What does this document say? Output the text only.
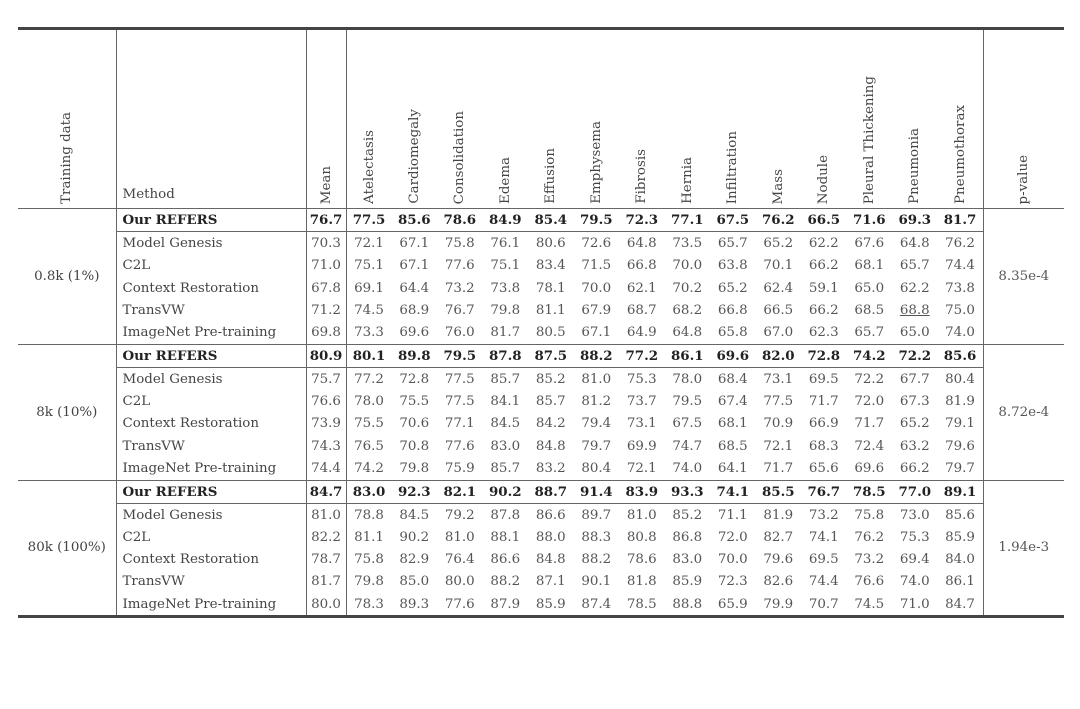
Training data	Method	Mean	Atelectasis	Cardiomegaly	Consolidation	Edema	Effusion	Emphysema	Fibrosis	Hernia	Infiltration	Mass	Nodule	Pleural Thickening	Pneumonia	Pneumothorax	p-value
0.8k (1%)	Our REFERS	76.7	77.5	85.6	78.6	84.9	85.4	79.5	72.3	77.1	67.5	76.2	66.5	71.6	69.3	81.7	8.35e-4
	Model Genesis	70.3	72.1	67.1	75.8	76.1	80.6	72.6	64.8	73.5	65.7	65.2	62.2	67.6	64.8	76.2	
	C2L	71.0	75.1	67.1	77.6	75.1	83.4	71.5	66.8	70.0	63.8	70.1	66.2	68.1	65.7	74.4	
	Context Restoration	67.8	69.1	64.4	73.2	73.8	78.1	70.0	62.1	70.2	65.2	62.4	59.1	65.0	62.2	73.8	
	TransVW	71.2	74.5	68.9	76.7	79.8	81.1	67.9	68.7	68.2	66.8	66.5	66.2	68.5	68.8	75.0	
	ImageNet Pre-training	69.8	73.3	69.6	76.0	81.7	80.5	67.1	64.9	64.8	65.8	67.0	62.3	65.7	65.0	74.0	
8k (10%)	Our REFERS	80.9	80.1	89.8	79.5	87.8	87.5	88.2	77.2	86.1	69.6	82.0	72.8	74.2	72.2	85.6	8.72e-4
	Model Genesis	75.7	77.2	72.8	77.5	85.7	85.2	81.0	75.3	78.0	68.4	73.1	69.5	72.2	67.7	80.4	
	C2L	76.6	78.0	75.5	77.5	84.1	85.7	81.2	73.7	79.5	67.4	77.5	71.7	72.0	67.3	81.9	
	Context Restoration	73.9	75.5	70.6	77.1	84.5	84.2	79.4	73.1	67.5	68.1	70.9	66.9	71.7	65.2	79.1	
	TransVW	74.3	76.5	70.8	77.6	83.0	84.8	79.7	69.9	74.7	68.5	72.1	68.3	72.4	63.2	79.6	
	ImageNet Pre-training	74.4	74.2	79.8	75.9	85.7	83.2	80.4	72.1	74.0	64.1	71.7	65.6	69.6	66.2	79.7	
80k (100%)	Our REFERS	84.7	83.0	92.3	82.1	90.2	88.7	91.4	83.9	93.3	74.1	85.5	76.7	78.5	77.0	89.1	1.94e-3
	Model Genesis	81.0	78.8	84.5	79.2	87.8	86.6	89.7	81.0	85.2	71.1	81.9	73.2	75.8	73.0	85.6	
	C2L	82.2	81.1	90.2	81.0	88.1	88.0	88.3	80.8	86.8	72.0	82.7	74.1	76.2	75.3	85.9	
	Context Restoration	78.7	75.8	82.9	76.4	86.6	84.8	88.2	78.6	83.0	70.0	79.6	69.5	73.2	69.4	84.0	
	TransVW	81.7	79.8	85.0	80.0	88.2	87.1	90.1	81.8	85.9	72.3	82.6	74.4	76.6	74.0	86.1	
	ImageNet Pre-training	80.0	78.3	89.3	77.6	87.9	85.9	87.4	78.5	88.8	65.9	79.9	70.7	74.5	71.0	84.7	
